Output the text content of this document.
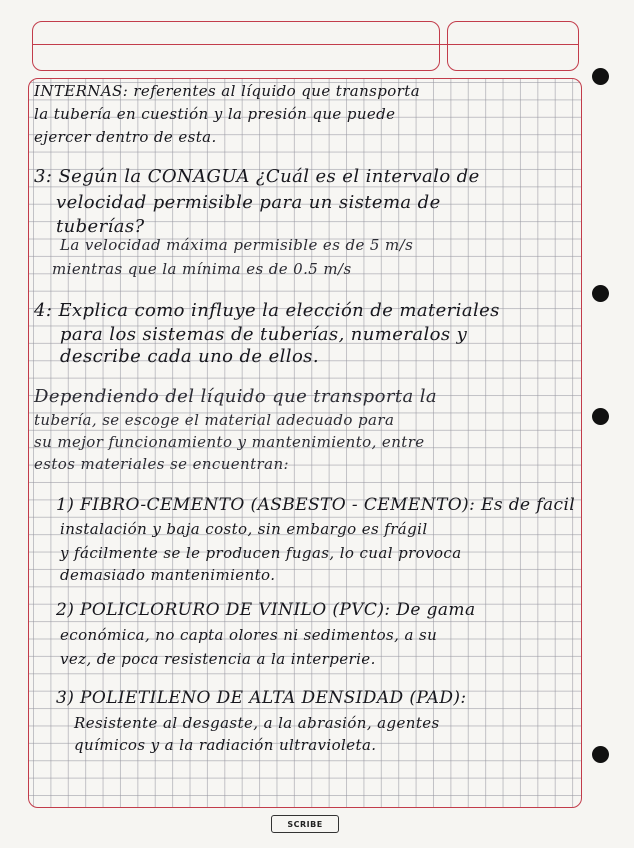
INTERNAS: referentes al líquido que transporta

la tubería en cuestión y la presión que puede

ejercer dentro de esta.

3: Según la CONAGUA ¿Cuál es el intervalo de

velocidad permisible para un sistema de

tuberías?

La velocidad máxima permisible es de 5 m/s

mientras que la mínima es de 0.5 m/s

4: Explica como influye la elección de materiales

para los sistemas de tuberías, numeralos y

describe cada uno de ellos.

Dependiendo del líquido que transporta la

tubería, se escoge el material adecuado para

su mejor funcionamiento y mantenimiento, entre

estos materiales se encuentran:

1) FIBRO-CEMENTO (ASBESTO - CEMENTO): Es de facil

instalación y baja costo, sin embargo es frágil

y fácilmente se le producen fugas, lo cual provoca

demasiado mantenimiento.

2) POLICLORURO DE VINILO (PVC): De gama

económica, no capta olores ni sedimentos, a su

vez, de poca resistencia a la interperie.

3) POLIETILENO DE ALTA DENSIDAD (PAD):

Resistente al desgaste, a la abrasión, agentes

químicos y a la radiación ultravioleta.

SCRIBE
